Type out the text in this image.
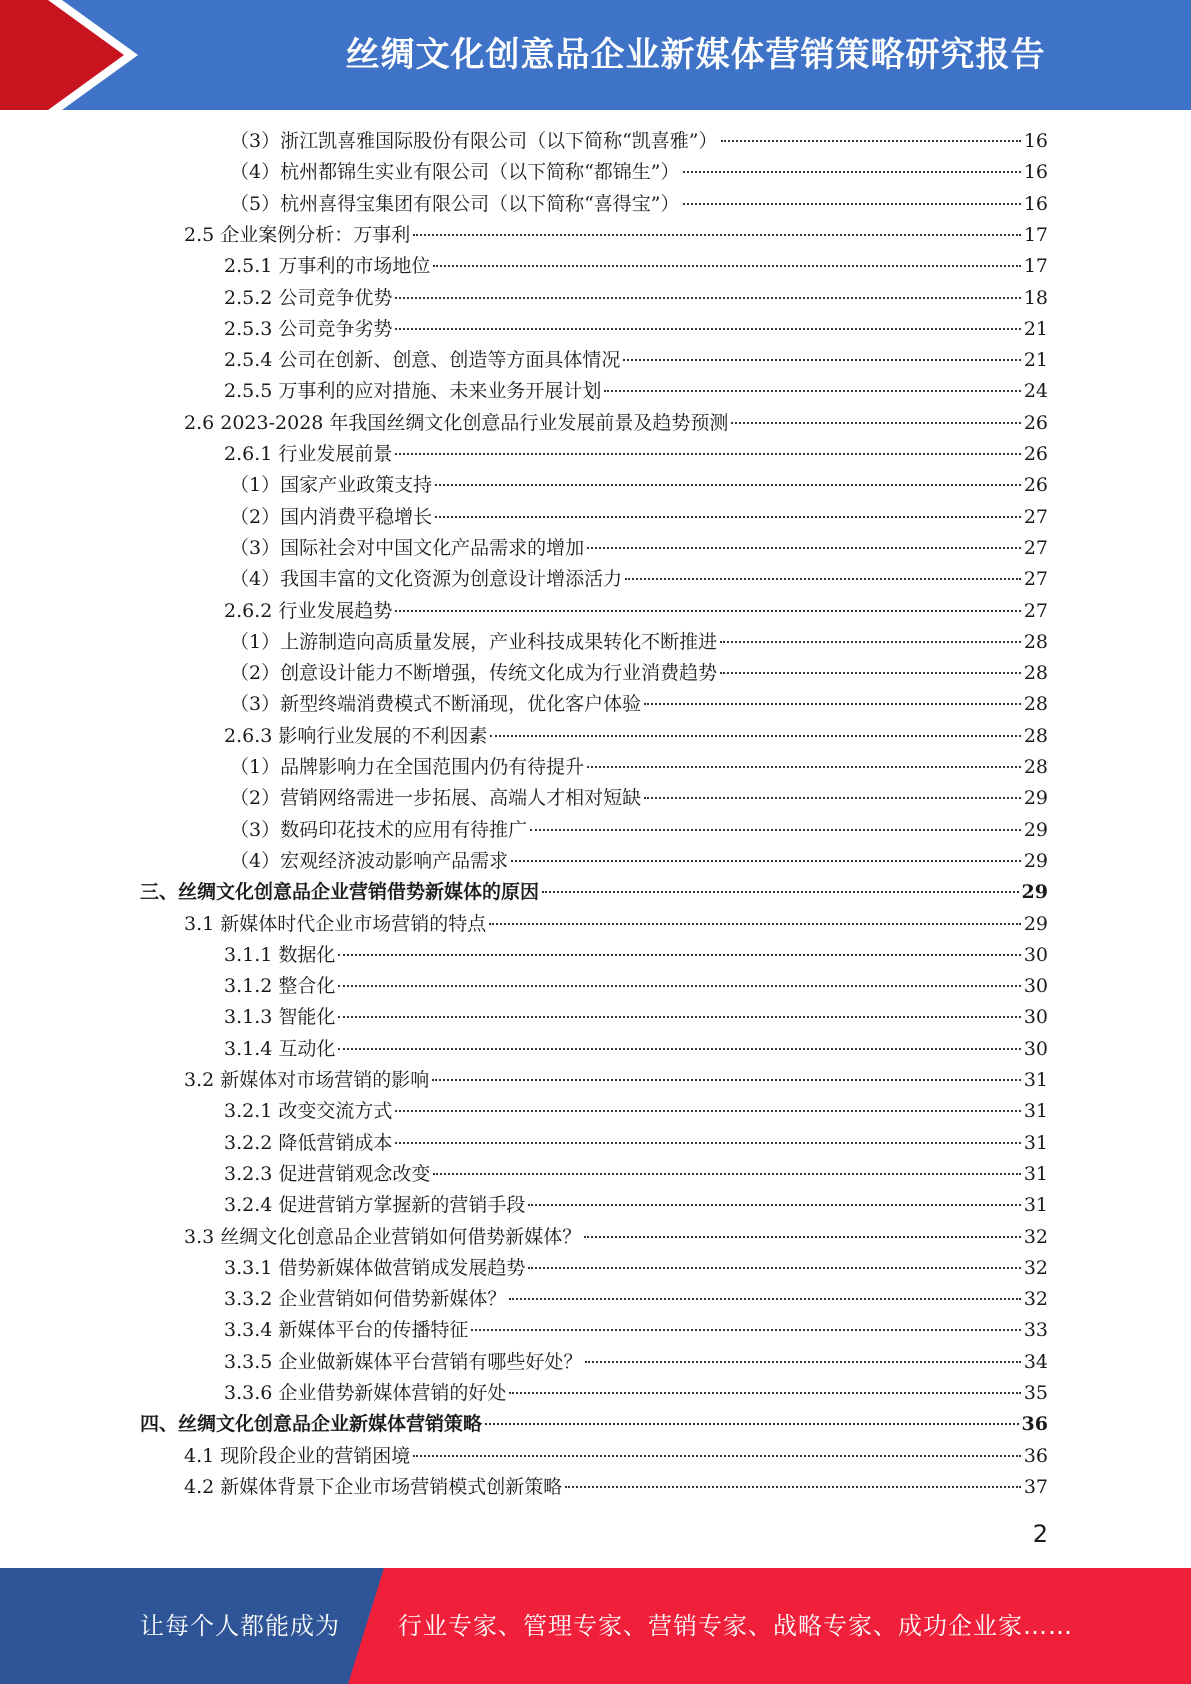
丝绸文化创意品企业新媒体营销策略研究报告
（3）浙江凯喜雅国际股份有限公司（以下简称“凯喜雅”）	16
（4）杭州都锦生实业有限公司（以下简称“都锦生”）	16
（5）杭州喜得宝集团有限公司（以下简称“喜得宝”）	16
2.5 企业案例分析：万事利	17
2.5.1 万事利的市场地位	17
2.5.2 公司竞争优势	18
2.5.3 公司竞争劣势	21
2.5.4 公司在创新、创意、创造等方面具体情况	21
2.5.5 万事利的应对措施、未来业务开展计划	24
2.6 2023-2028 年我国丝绸文化创意品行业发展前景及趋势预测	26
2.6.1 行业发展前景	26
（1）国家产业政策支持	26
（2）国内消费平稳增长	27
（3）国际社会对中国文化产品需求的增加	27
（4）我国丰富的文化资源为创意设计增添活力	27
2.6.2 行业发展趋势	27
（1）上游制造向高质量发展，产业科技成果转化不断推进	28
（2）创意设计能力不断增强，传统文化成为行业消费趋势	28
（3）新型终端消费模式不断涌现，优化客户体验	28
2.6.3 影响行业发展的不利因素	28
（1）品牌影响力在全国范围内仍有待提升	28
（2）营销网络需进一步拓展、高端人才相对短缺	29
（3）数码印花技术的应用有待推广	29
（4）宏观经济波动影响产品需求	29
三、丝绸文化创意品企业营销借势新媒体的原因	29
3.1 新媒体时代企业市场营销的特点	29
3.1.1 数据化	30
3.1.2 整合化	30
3.1.3 智能化	30
3.1.4 互动化	30
3.2 新媒体对市场营销的影响	31
3.2.1 改变交流方式	31
3.2.2 降低营销成本	31
3.2.3 促进营销观念改变	31
3.2.4 促进营销方掌握新的营销手段	31
3.3 丝绸文化创意品企业营销如何借势新媒体？	32
3.3.1 借势新媒体做营销成发展趋势	32
3.3.2 企业营销如何借势新媒体？	32
3.3.4 新媒体平台的传播特征	33
3.3.5 企业做新媒体平台营销有哪些好处？	34
3.3.6 企业借势新媒体营销的好处	35
四、丝绸文化创意品企业新媒体营销策略	36
4.1 现阶段企业的营销困境	36
4.2 新媒体背景下企业市场营销模式创新策略	37
2
让每个人都能成为 行业专家、管理专家、营销专家、战略专家、成功企业家……
